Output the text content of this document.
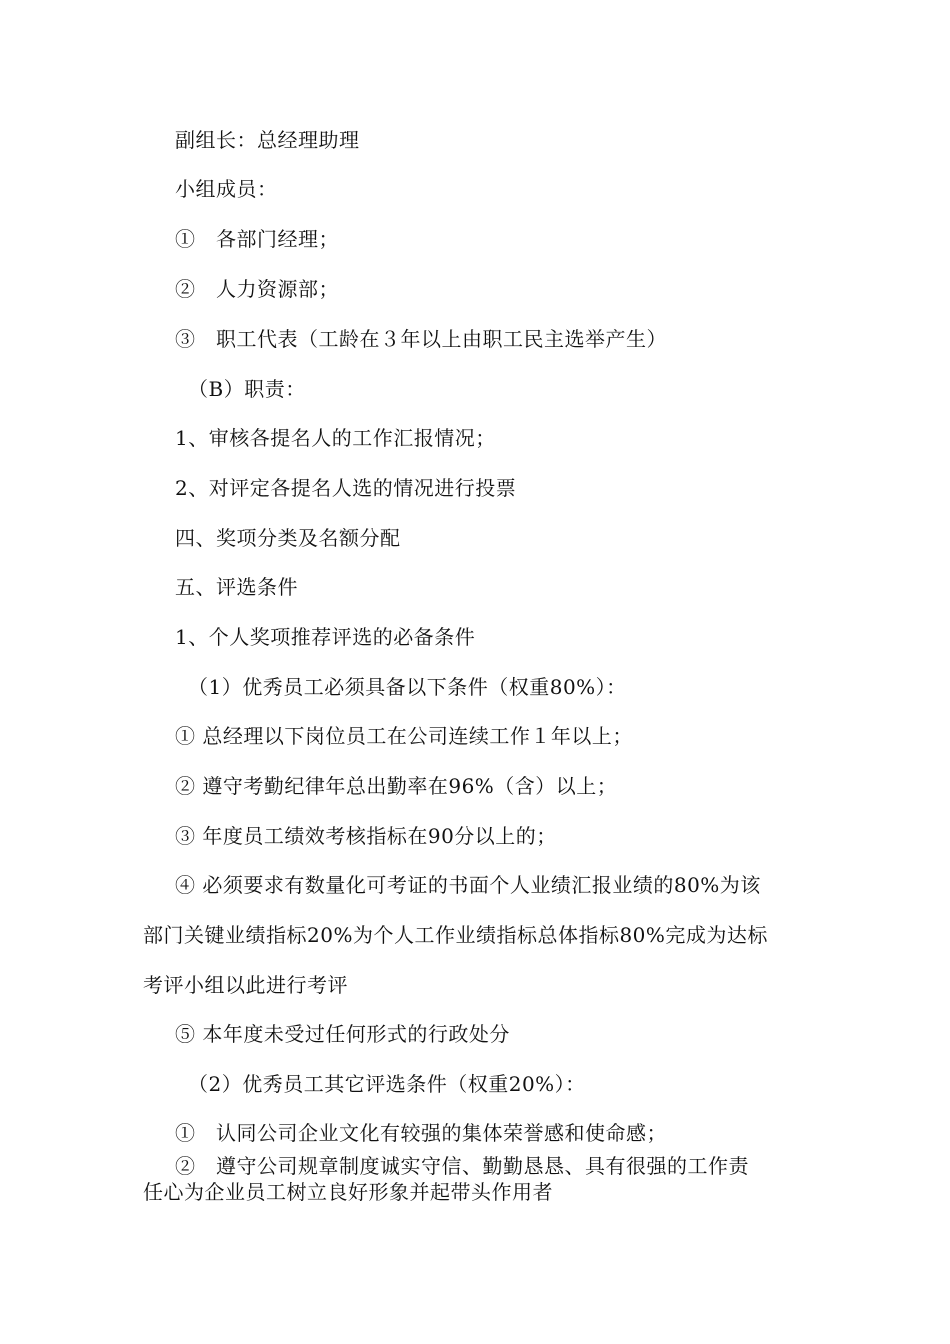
副组长：总经理助理
小组成员：
①　各部门经理；
②　人力资源部；
③　职工代表（工龄在３年以上由职工民主选举产生）
（B）职责：
1、审核各提名人的工作汇报情况；
2、对评定各提名人选的情况进行投票
四、奖项分类及名额分配
五、评选条件
1、个人奖项推荐评选的必备条件
（1）优秀员工必须具备以下条件（权重80%）：
① 总经理以下岗位员工在公司连续工作１年以上；
② 遵守考勤纪律年总出勤率在96%（含）以上；
③ 年度员工绩效考核指标在90分以上的；
④ 必须要求有数量化可考证的书面个人业绩汇报业绩的80%为该
部门关键业绩指标20%为个人工作业绩指标总体指标80%完成为达标
考评小组以此进行考评
⑤ 本年度未受过任何形式的行政处分
（2）优秀员工其它评选条件（权重20%）：
①　认同公司企业文化有较强的集体荣誉感和使命感；
②　遵守公司规章制度诚实守信、勤勤恳恳、具有很强的工作责
任心为企业员工树立良好形象并起带头作用者
